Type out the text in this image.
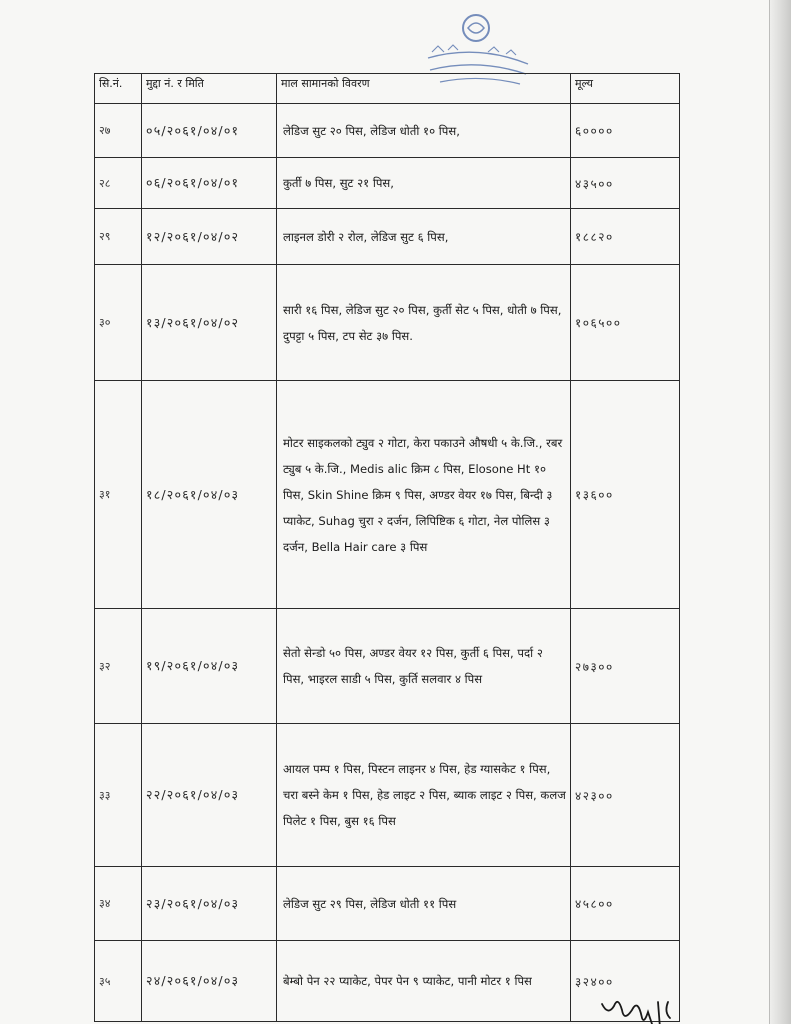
सि.नं.	मुद्दा नं. र मिति	माल सामानको विवरण	मूल्य
२७	०५/२०६१/०४/०१	लेडिज सुट २० पिस, लेडिज धोती १० पिस,	६००००
२८	०६/२०६१/०४/०१	कुर्ती ७ पिस, सुट २१ पिस,	४३५००
२९	१२/२०६१/०४/०२	लाइनल डोरी २ रोल, लेडिज सुट ६ पिस,	१८८२०
३०	१३/२०६१/०४/०२	सारी १६ पिस, लेडिज सुट २० पिस, कुर्ती सेट ५ पिस, धोती ७ पिस, दुपट्टा ५ पिस, टप सेट ३७ पिस.	१०६५००
३१	१८/२०६१/०४/०३	मोटर साइकलको ट्युव २ गोटा, केरा पकाउने औषधी ५ के.जि., रबर ट्युब ५ के.जि., Medis alic क्रिम ८ पिस, Elosone Ht १० पिस, Skin Shine क्रिम ९ पिस, अण्डर वेयर १७ पिस, बिन्दी ३ प्याकेट, Suhag चुरा २ दर्जन, लिपिष्टिक ६ गोटा, नेल पोलिस ३ दर्जन, Bella Hair care ३ पिस	१३६००
३२	१९/२०६१/०४/०३	सेतो सेन्डो ५० पिस, अण्डर वेयर १२ पिस, कुर्ती ६ पिस, पर्दा २ पिस, भाइरल साडी ५ पिस, कुर्ति सलवार ४ पिस	२७३००
३३	२२/२०६१/०४/०३	आयल पम्प १ पिस, पिस्टन लाइनर ४ पिस, हेड ग्यासकेट १ पिस, चरा बस्ने केम १ पिस, हेड लाइट २ पिस, ब्याक लाइट २ पिस, कलज पिलेट १ पिस, बुस १६ पिस	४२३००
३४	२३/२०६१/०४/०३	लेडिज सुट २९ पिस, लेडिज धोती ११ पिस	४५८००
३५	२४/२०६१/०४/०३	बेम्बो पेन २२ प्याकेट, पेपर पेन ९ प्याकेट, पानी मोटर १ पिस	३२४००
